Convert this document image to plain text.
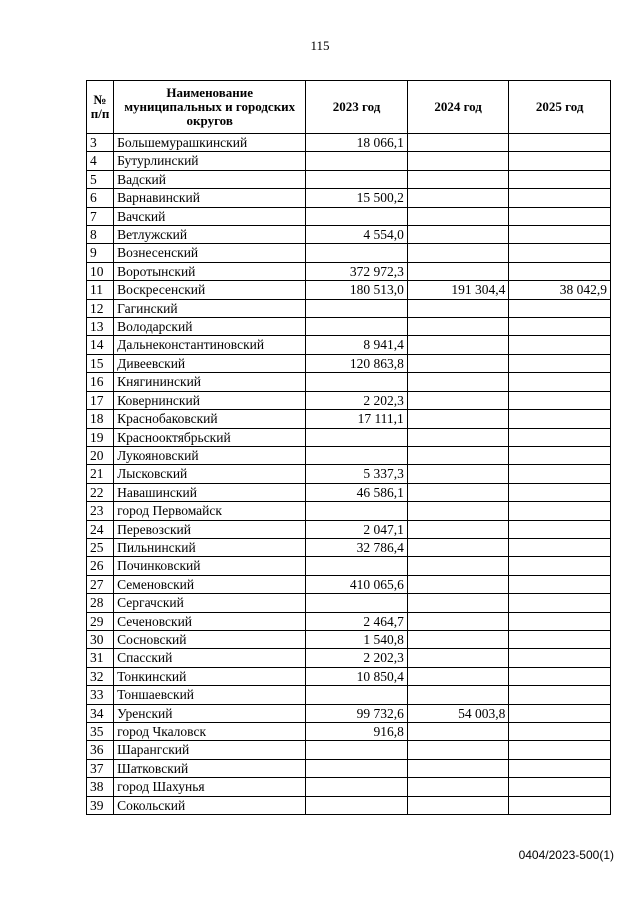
115
№ п/п	Наименование муниципальных и городских округов	2023 год	2024 год	2025 год
3	Большемурашкинский	18 066,1		
4	Бутурлинский			
5	Вадский			
6	Варнавинский	15 500,2		
7	Вачский			
8	Ветлужский	4 554,0		
9	Вознесенский			
10	Воротынский	372 972,3		
11	Воскресенский	180 513,0	191 304,4	38 042,9
12	Гагинский			
13	Володарский			
14	Дальнеконстантиновский	8 941,4		
15	Дивеевский	120 863,8		
16	Княгининский			
17	Ковернинский	2 202,3		
18	Краснобаковский	17 111,1		
19	Краснооктябрьский			
20	Лукояновский			
21	Лысковский	5 337,3		
22	Навашинский	46 586,1		
23	город Первомайск			
24	Перевозский	2 047,1		
25	Пильнинский	32 786,4		
26	Починковский			
27	Семеновский	410 065,6		
28	Сергачский			
29	Сеченовский	2 464,7		
30	Сосновский	1 540,8		
31	Спасский	2 202,3		
32	Тонкинский	10 850,4		
33	Тоншаевский			
34	Уренский	99 732,6	54 003,8	
35	город Чкаловск	916,8		
36	Шарангский			
37	Шатковский			
38	город Шахунья			
39	Сокольский			
0404/2023-500(1)
